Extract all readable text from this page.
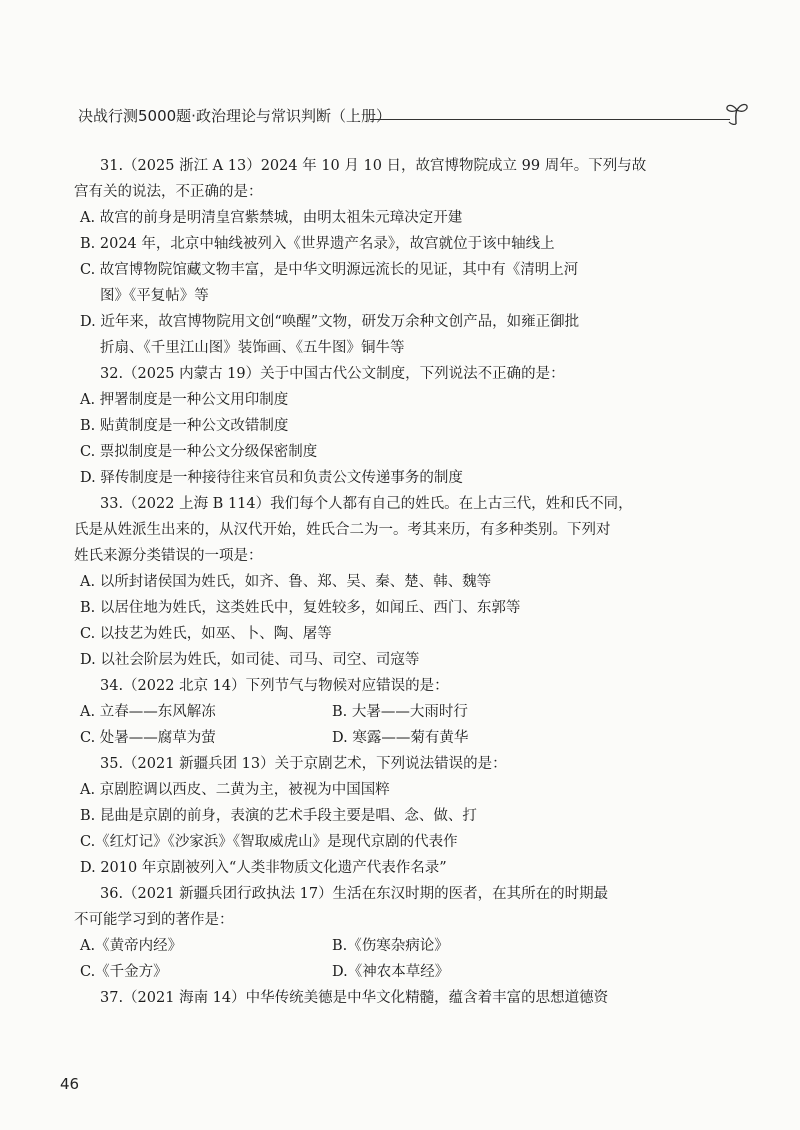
决战行测5000题·政治理论与常识判断（上册）
31.（2025 浙江 A 13）2024 年 10 月 10 日，故宫博物院成立 99 周年。下列与故
宫有关的说法，不正确的是：
A. 故宫的前身是明清皇宫紫禁城，由明太祖朱元璋决定开建
B. 2024 年，北京中轴线被列入《世界遗产名录》，故宫就位于该中轴线上
C. 故宫博物院馆藏文物丰富，是中华文明源远流长的见证，其中有《清明上河
图》《平复帖》等
D. 近年来，故宫博物院用文创“唤醒”文物，研发万余种文创产品，如雍正御批
折扇、《千里江山图》装饰画、《五牛图》铜牛等
32.（2025 内蒙古 19）关于中国古代公文制度，下列说法不正确的是：
A. 押署制度是一种公文用印制度
B. 贴黄制度是一种公文改错制度
C. 票拟制度是一种公文分级保密制度
D. 驿传制度是一种接待往来官员和负责公文传递事务的制度
33.（2022 上海 B 114）我们每个人都有自己的姓氏。在上古三代，姓和氏不同，
氏是从姓派生出来的，从汉代开始，姓氏合二为一。考其来历，有多种类别。下列对
姓氏来源分类错误的一项是：
A. 以所封诸侯国为姓氏，如齐、鲁、郑、吴、秦、楚、韩、魏等
B. 以居住地为姓氏，这类姓氏中，复姓较多，如闻丘、西门、东郭等
C. 以技艺为姓氏，如巫、卜、陶、屠等
D. 以社会阶层为姓氏，如司徒、司马、司空、司寇等
34.（2022 北京 14）下列节气与物候对应错误的是：
A. 立春——东风解冻	B. 大暑——大雨时行
C. 处暑——腐草为萤	D. 寒露——菊有黄华
35.（2021 新疆兵团 13）关于京剧艺术，下列说法错误的是：
A. 京剧腔调以西皮、二黄为主，被视为中国国粹
B. 昆曲是京剧的前身，表演的艺术手段主要是唱、念、做、打
C.《红灯记》《沙家浜》《智取威虎山》是现代京剧的代表作
D. 2010 年京剧被列入“人类非物质文化遗产代表作名录”
36.（2021 新疆兵团行政执法 17）生活在东汉时期的医者，在其所在的时期最
不可能学习到的著作是：
A.《黄帝内经》	B.《伤寒杂病论》
C.《千金方》	D.《神农本草经》
37.（2021 海南 14）中华传统美德是中华文化精髓，蕴含着丰富的思想道德资
46
